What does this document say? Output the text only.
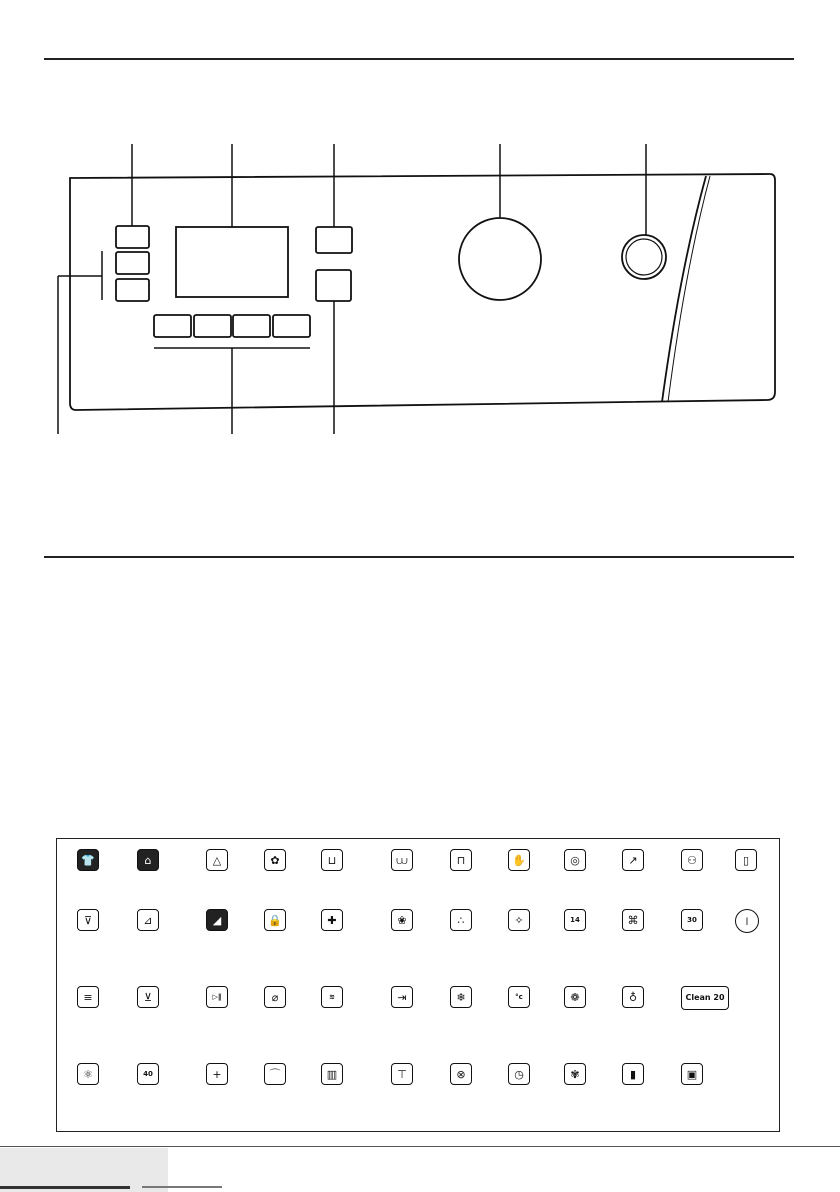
👕	⌂	△	✿	⊔	⩊	⊓	✋	◎	↗	⚇	▯
⊽	⊿	◢	🔒	✚	❀	∴	✧	14	⌘	30	⏽
≡	⊻	▷‖	⌀	≋	⇥	❄	°c	❁	♁	Clean 20
⚛	40	+	⌒	▥	⊤	⊗	◷	✾	▮	▣
